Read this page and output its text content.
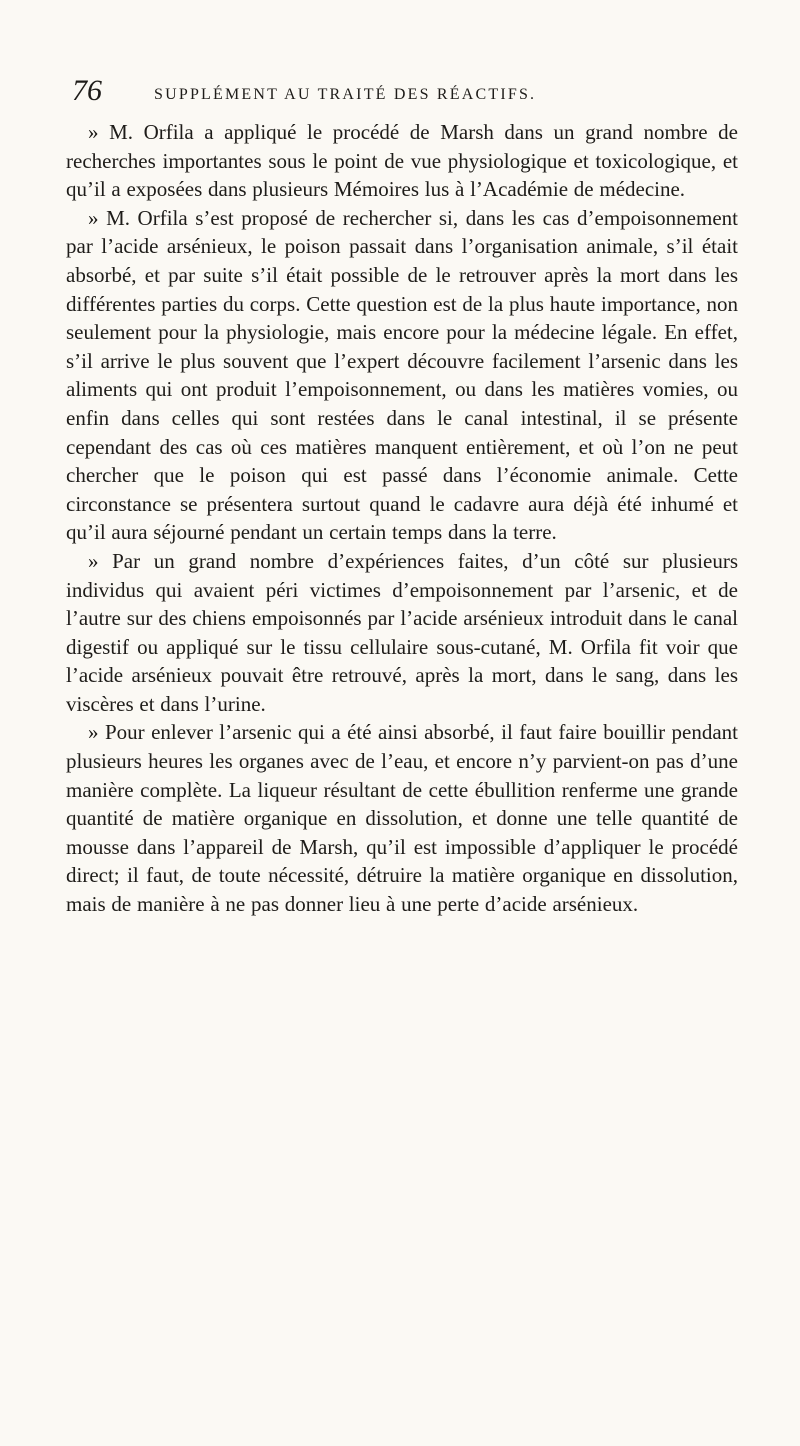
76	SUPPLÉMENT AU TRAITÉ DES RÉACTIFS.

» M. Orfila a appliqué le procédé de Marsh dans un grand nombre de recherches importantes sous le point de vue physiologique et toxicologique, et qu’il a exposées dans plusieurs Mémoires lus à l’Académie de médecine.

» M. Orfila s’est proposé de rechercher si, dans les cas d’empoisonnement par l’acide arsénieux, le poison passait dans l’organisation animale, s’il était absorbé, et par suite s’il était possible de le retrouver après la mort dans les différentes parties du corps. Cette question est de la plus haute importance, non seulement pour la physiologie, mais encore pour la médecine légale. En effet, s’il arrive le plus souvent que l’expert découvre facilement l’arsenic dans les aliments qui ont produit l’empoisonnement, ou dans les matières vomies, ou enfin dans celles qui sont restées dans le canal intestinal, il se présente cependant des cas où ces matières manquent entièrement, et où l’on ne peut chercher que le poison qui est passé dans l’économie animale. Cette circonstance se présentera surtout quand le cadavre aura déjà été inhumé et qu’il aura séjourné pendant un certain temps dans la terre.

» Par un grand nombre d’expériences faites, d’un côté sur plusieurs individus qui avaient péri victimes d’empoisonnement par l’arsenic, et de l’autre sur des chiens empoisonnés par l’acide arsénieux introduit dans le canal digestif ou appliqué sur le tissu cellulaire sous-cutané, M. Orfila fit voir que l’acide arsénieux pouvait être retrouvé, après la mort, dans le sang, dans les viscères et dans l’urine.

» Pour enlever l’arsenic qui a été ainsi absorbé, il faut faire bouillir pendant plusieurs heures les organes avec de l’eau, et encore n’y parvient-on pas d’une manière complète. La liqueur résultant de cette ébullition renferme une grande quantité de matière organique en dissolution, et donne une telle quantité de mousse dans l’appareil de Marsh, qu’il est impossible d’appliquer le procédé direct; il faut, de toute nécessité, détruire la matière organique en dissolution, mais de manière à ne pas donner lieu à une perte d’acide arsénieux.
